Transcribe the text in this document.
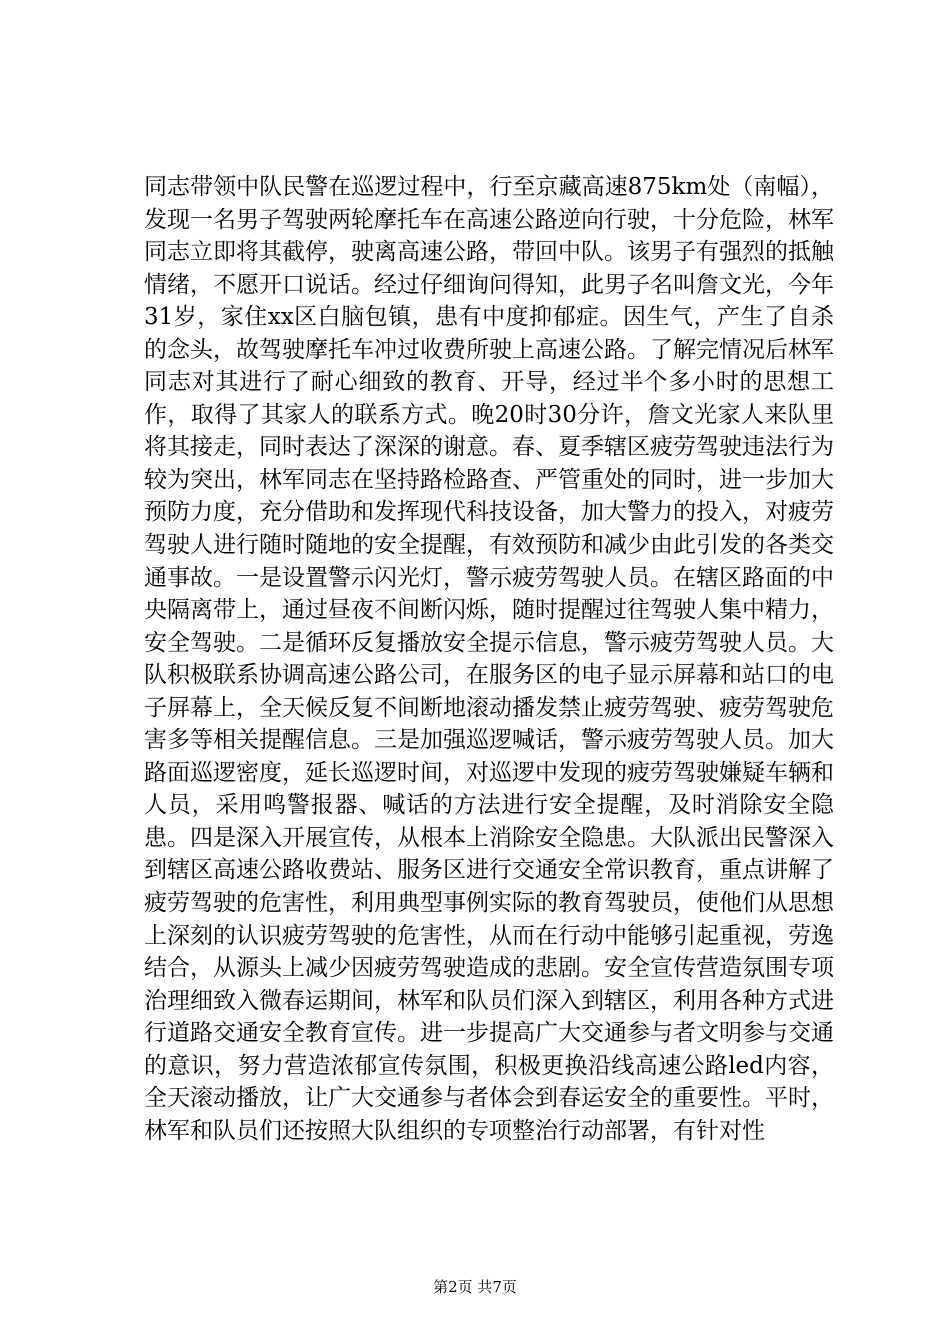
同志带领中队民警在巡逻过程中，行至京藏高速875km处（南幅），发现一名男子驾驶两轮摩托车在高速公路逆向行驶，十分危险，林军同志立即将其截停，驶离高速公路，带回中队。该男子有强烈的抵触情绪，不愿开口说话。经过仔细询问得知，此男子名叫詹文光，今年31岁，家住xx区白脑包镇，患有中度抑郁症。因生气，产生了自杀的念头，故驾驶摩托车冲过收费所驶上高速公路。了解完情况后林军同志对其进行了耐心细致的教育、开导，经过半个多小时的思想工作，取得了其家人的联系方式。晚20时30分许，詹文光家人来队里将其接走，同时表达了深深的谢意。春、夏季辖区疲劳驾驶违法行为较为突出，林军同志在坚持路检路查、严管重处的同时，进一步加大预防力度，充分借助和发挥现代科技设备，加大警力的投入，对疲劳驾驶人进行随时随地的安全提醒，有效预防和减少由此引发的各类交通事故。一是设置警示闪光灯，警示疲劳驾驶人员。在辖区路面的中央隔离带上，通过昼夜不间断闪烁，随时提醒过往驾驶人集中精力，安全驾驶。二是循环反复播放安全提示信息，警示疲劳驾驶人员。大队积极联系协调高速公路公司，在服务区的电子显示屏幕和站口的电子屏幕上，全天候反复不间断地滚动播发禁止疲劳驾驶、疲劳驾驶危害多等相关提醒信息。三是加强巡逻喊话，警示疲劳驾驶人员。加大路面巡逻密度，延长巡逻时间，对巡逻中发现的疲劳驾驶嫌疑车辆和人员，采用鸣警报器、喊话的方法进行安全提醒，及时消除安全隐患。四是深入开展宣传，从根本上消除安全隐患。大队派出民警深入到辖区高速公路收费站、服务区进行交通安全常识教育，重点讲解了疲劳驾驶的危害性，利用典型事例实际的教育驾驶员，使他们从思想上深刻的认识疲劳驾驶的危害性，从而在行动中能够引起重视，劳逸结合，从源头上减少因疲劳驾驶造成的悲剧。安全宣传营造氛围专项治理细致入微春运期间，林军和队员们深入到辖区，利用各种方式进行道路交通安全教育宣传。进一步提高广大交通参与者文明参与交通的意识，努力营造浓郁宣传氛围，积极更换沿线高速公路led内容，全天滚动播放，让广大交通参与者体会到春运安全的重要性。平时，林军和队员们还按照大队组织的专项整治行动部署，有针对性

第2页 共7页
